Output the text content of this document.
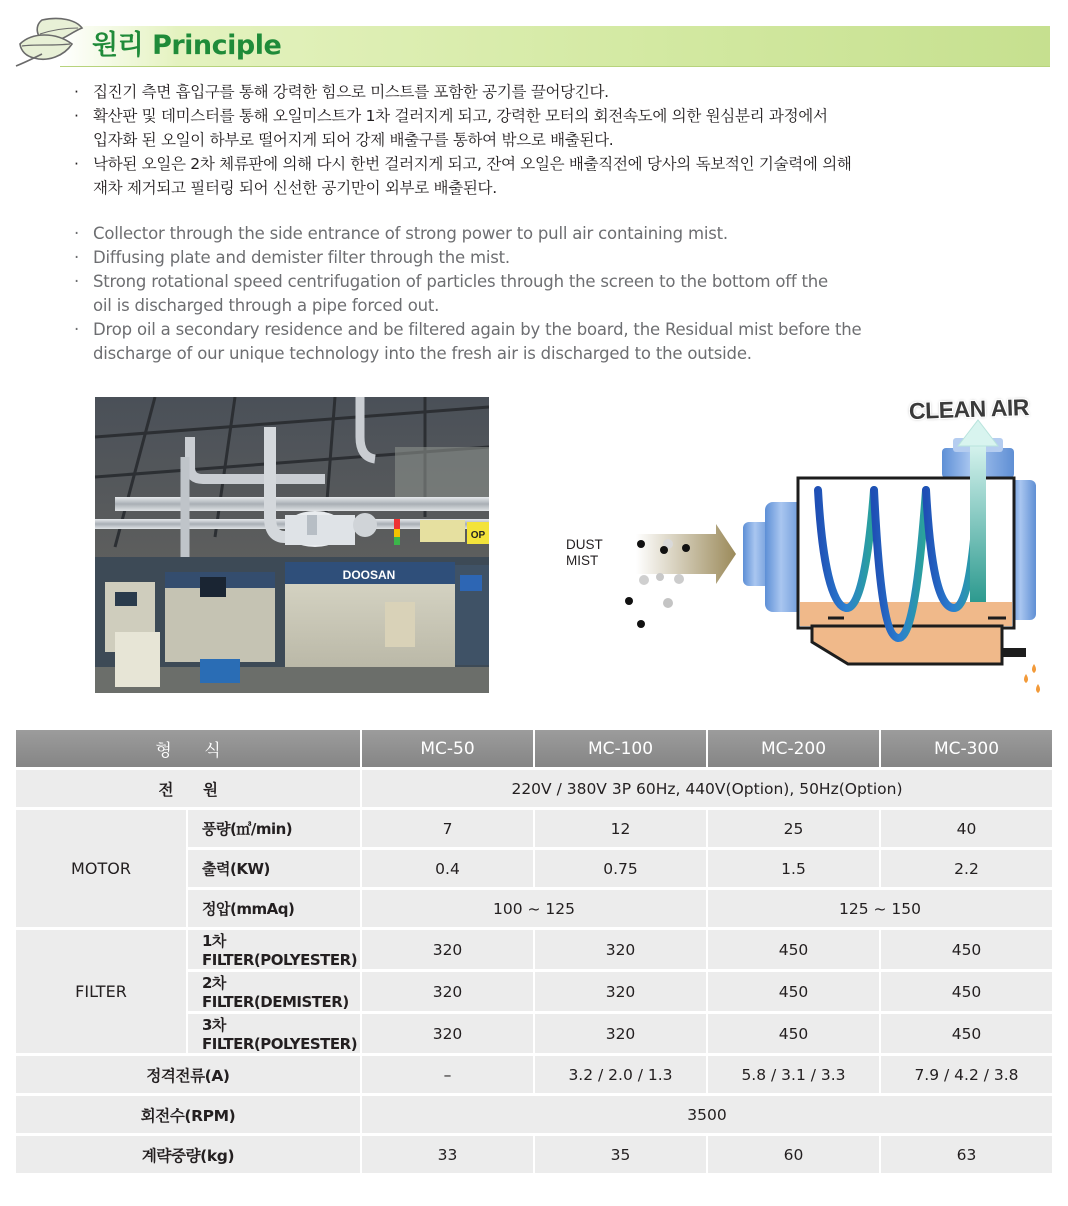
원리 Principle
· 집진기 측면 흡입구를 통해 강력한 힘으로 미스트를 포함한 공기를 끌어당긴다.
· 확산판 및 데미스터를 통해 오일미스트가 1차 걸러지게 되고, 강력한 모터의 회전속도에 의한 원심분리 과정에서
입자화 된 오일이 하부로 떨어지게 되어 강제 배출구를 통하여 밖으로 배출된다.
· 낙하된 오일은 2차 체류판에 의해 다시 한번 걸러지게 되고, 잔여 오일은 배출직전에 당사의 독보적인 기술력에 의해
재차 제거되고 필터링 되어 신선한 공기만이 외부로 배출된다.
· Collector through the side entrance of strong power to pull air containing mist.
· Diffusing plate and demister filter through the mist.
· Strong rotational speed centrifugation of particles through the screen to the bottom off the
oil is discharged through a pipe forced out.
· Drop oil a secondary residence and be filtered again by the board, the Residual mist before the
discharge of our unique technology into the fresh air is discharged to the outside.
DOOSAN
OP
DUST
MIST
CLEAN AIR
형      식		MC-50	MC-100	MC-200	MC-300
전      원		220V / 380V 3P 60Hz, 440V(Option), 50Hz(Option)			
MOTOR	풍량(㎥/min)	7	12	25	40
	출력(KW)	0.4	0.75	1.5	2.2
	정압(mmAq)	100 ~ 125		125 ~ 150	
FILTER	1차 FILTER(POLYESTER)	320	320	450	450
	2차 FILTER(DEMISTER)	320	320	450	450
	3차 FILTER(POLYESTER)	320	320	450	450
정격전류(A)		–	3.2 / 2.0 / 1.3	5.8 / 3.1 / 3.3	7.9 / 4.2 / 3.8
회전수(RPM)		3500			
계략중량(kg)		33	35	60	63
